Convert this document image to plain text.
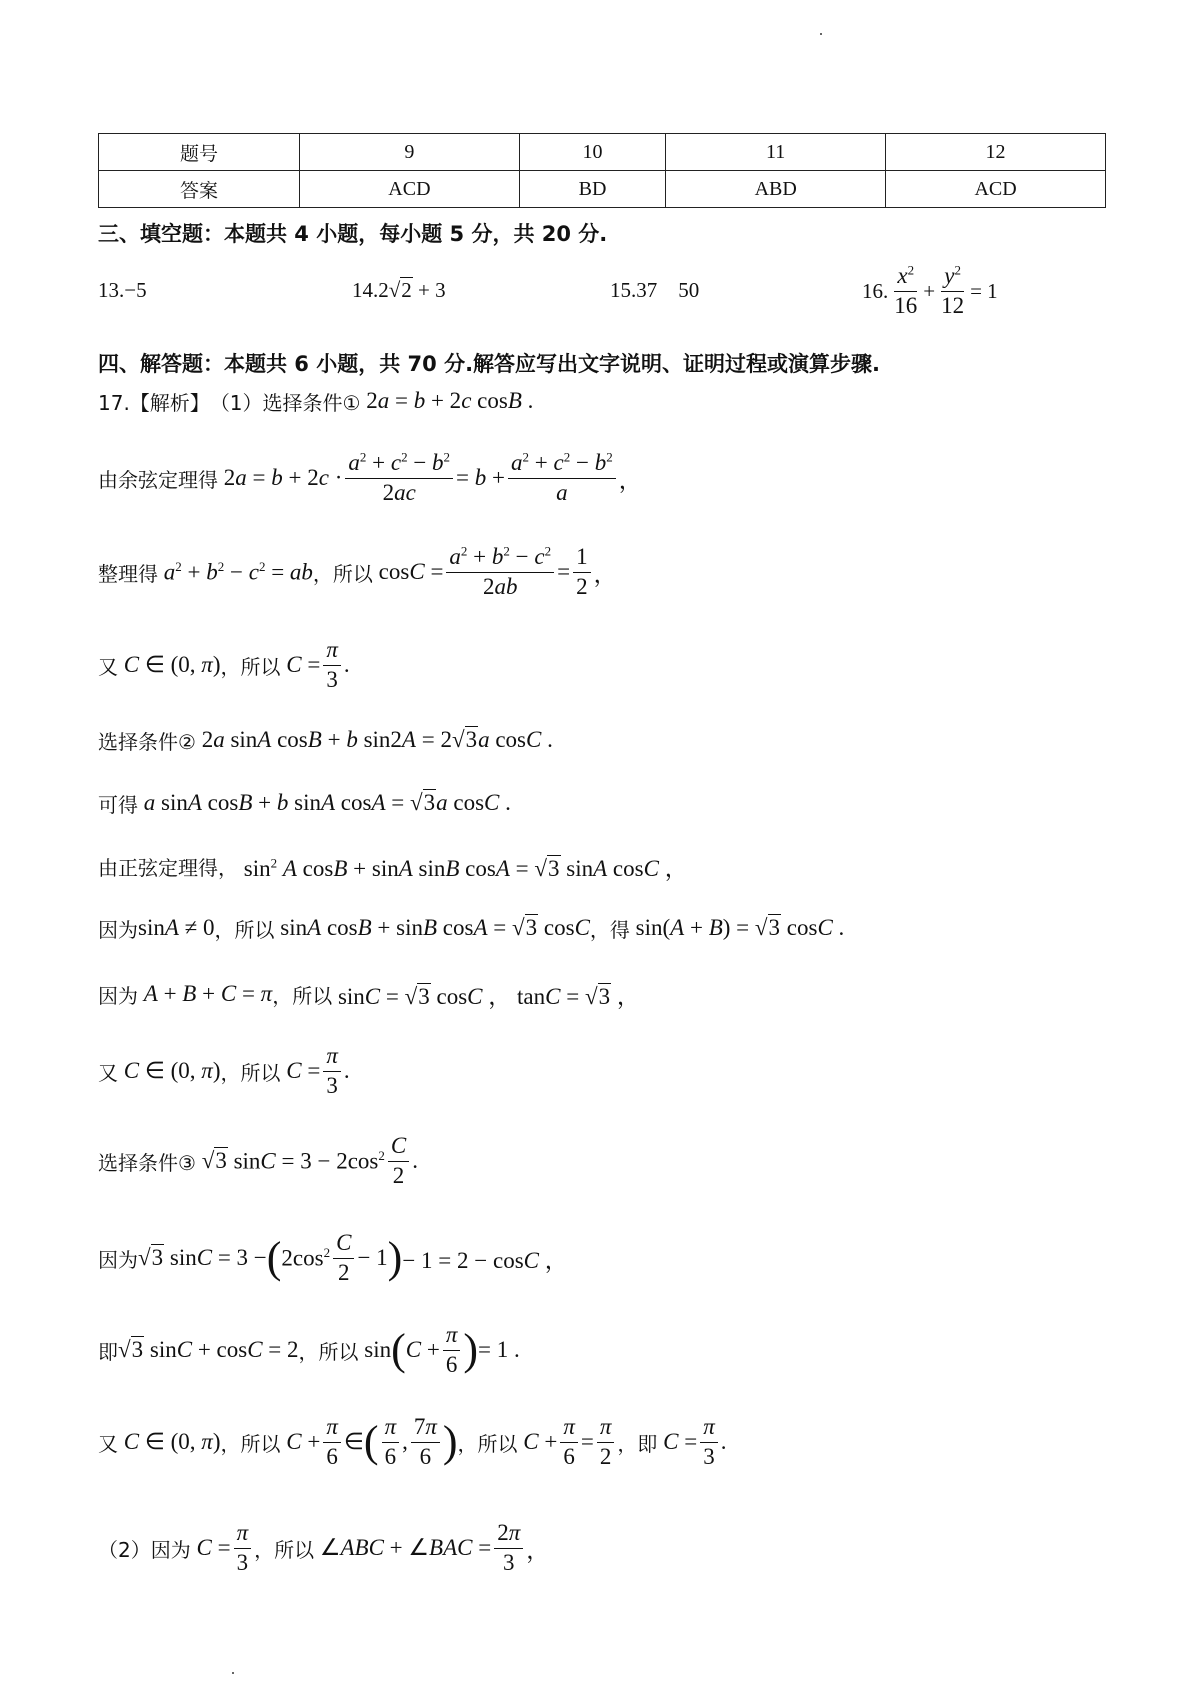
题号	9	10	11	12
答案	ACD	BD	ABD	ACD
三、填空题：本题共 4 小题，每小题 5 分，共 20 分.
13.−5	14.2√2 + 3	15.37    50	16. $\frac{x^2}{16} + \frac{y^2}{12} = 1$
四、解答题：本题共 6 小题，共 70 分.解答应写出文字说明、证明过程或演算步骤.
17.【解析】 （1）选择条件① 2a = b + 2c cosB .
由余弦定理得 $2a = b + 2c \cdot \frac{a^2 + c^2 - b^2}{2ac} = b + \frac{a^2 + c^2 - b^2}{a}$ ，
整理得 $a^2 + b^2 - c^2$ = ab ，所以 $\cos C = \frac{a^2 + b^2 - c^2}{2ab} = \frac{1}{2}$ ，
又 C ∈ (0, π) ，所以 $C = \frac{\pi}{3}$ .
选择条件② 2a sinA cosB + b sin2A = 2√3a cosC .
可得 a sinA cosB + b sinA cosA = √3a cosC .
由正弦定理得， $\sin^2 A$ cosB + sinA sinB cosA = √3 sinA cosC ，
因为 sinA ≠ 0 ，所以 sinA cosB + sinB cosA = √3 cosC ，得 sin(A + B) = √3 cosC .
因为 A + B + C = π ，所以 sinC = √3 cosC ， tanC = √3 ，
又 C ∈ (0, π) ，所以 $C = \frac{\pi}{3}$ .
选择条件③ √3 $\sin C = 3 - 2\cos^2 \frac{C}{2}$ .
因为 √3 sinC = 3 − ( $2\cos^2 \frac{C}{2} - 1$ ) − 1 = 2 − cosC ，
即 √3 sinC + cosC = 2 ，所以 sin ( $C + \frac{\pi}{6}$ ) = 1 .
又 C ∈ (0, π) ，所以 $C + \frac{\pi}{6}$ ∈ ( $\frac{\pi}{6}$ , $\frac{7\pi}{6}$ ) ，所以 $C + \frac{\pi}{6} = \frac{\pi}{2}$ ，即 $C = \frac{\pi}{3}$ .
（2）因为 $C = \frac{\pi}{3}$ ，所以 ∠ABC + ∠BAC = $\frac{2\pi}{3}$ ，
